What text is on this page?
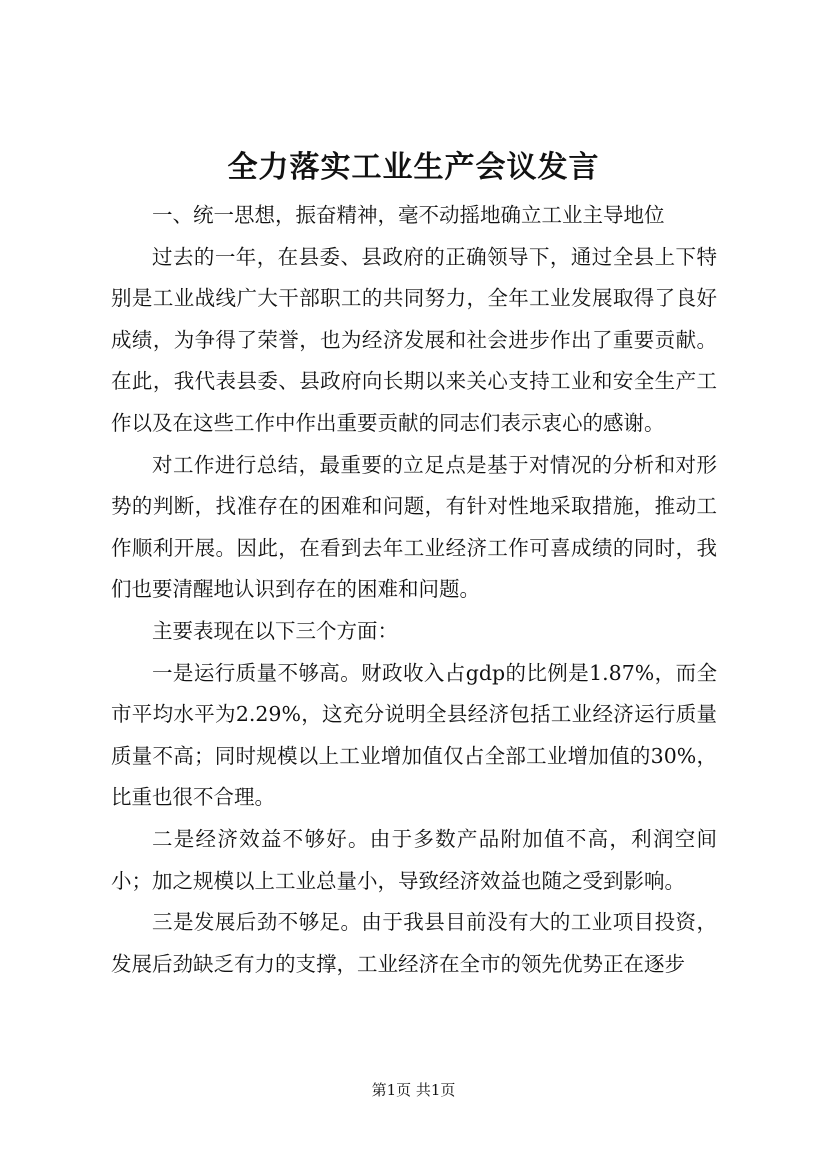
全力落实工业生产会议发言

一、统一思想，振奋精神，毫不动摇地确立工业主导地位

过去的一年，在县委、县政府的正确领导下，通过全县上下特别是工业战线广大干部职工的共同努力，全年工业发展取得了良好成绩，为争得了荣誉，也为经济发展和社会进步作出了重要贡献。在此，我代表县委、县政府向长期以来关心支持工业和安全生产工作以及在这些工作中作出重要贡献的同志们表示衷心的感谢。

对工作进行总结，最重要的立足点是基于对情况的分析和对形势的判断，找准存在的困难和问题，有针对性地采取措施，推动工作顺利开展。因此，在看到去年工业经济工作可喜成绩的同时，我们也要清醒地认识到存在的困难和问题。

主要表现在以下三个方面：

一是运行质量不够高。财政收入占gdp的比例是1.87%，而全市平均水平为2.29%，这充分说明全县经济包括工业经济运行质量质量不高；同时规模以上工业增加值仅占全部工业增加值的30%，比重也很不合理。

二是经济效益不够好。由于多数产品附加值不高，利润空间小；加之规模以上工业总量小，导致经济效益也随之受到影响。

三是发展后劲不够足。由于我县目前没有大的工业项目投资，发展后劲缺乏有力的支撑，工业经济在全市的领先优势正在逐步

第1页 共1页
